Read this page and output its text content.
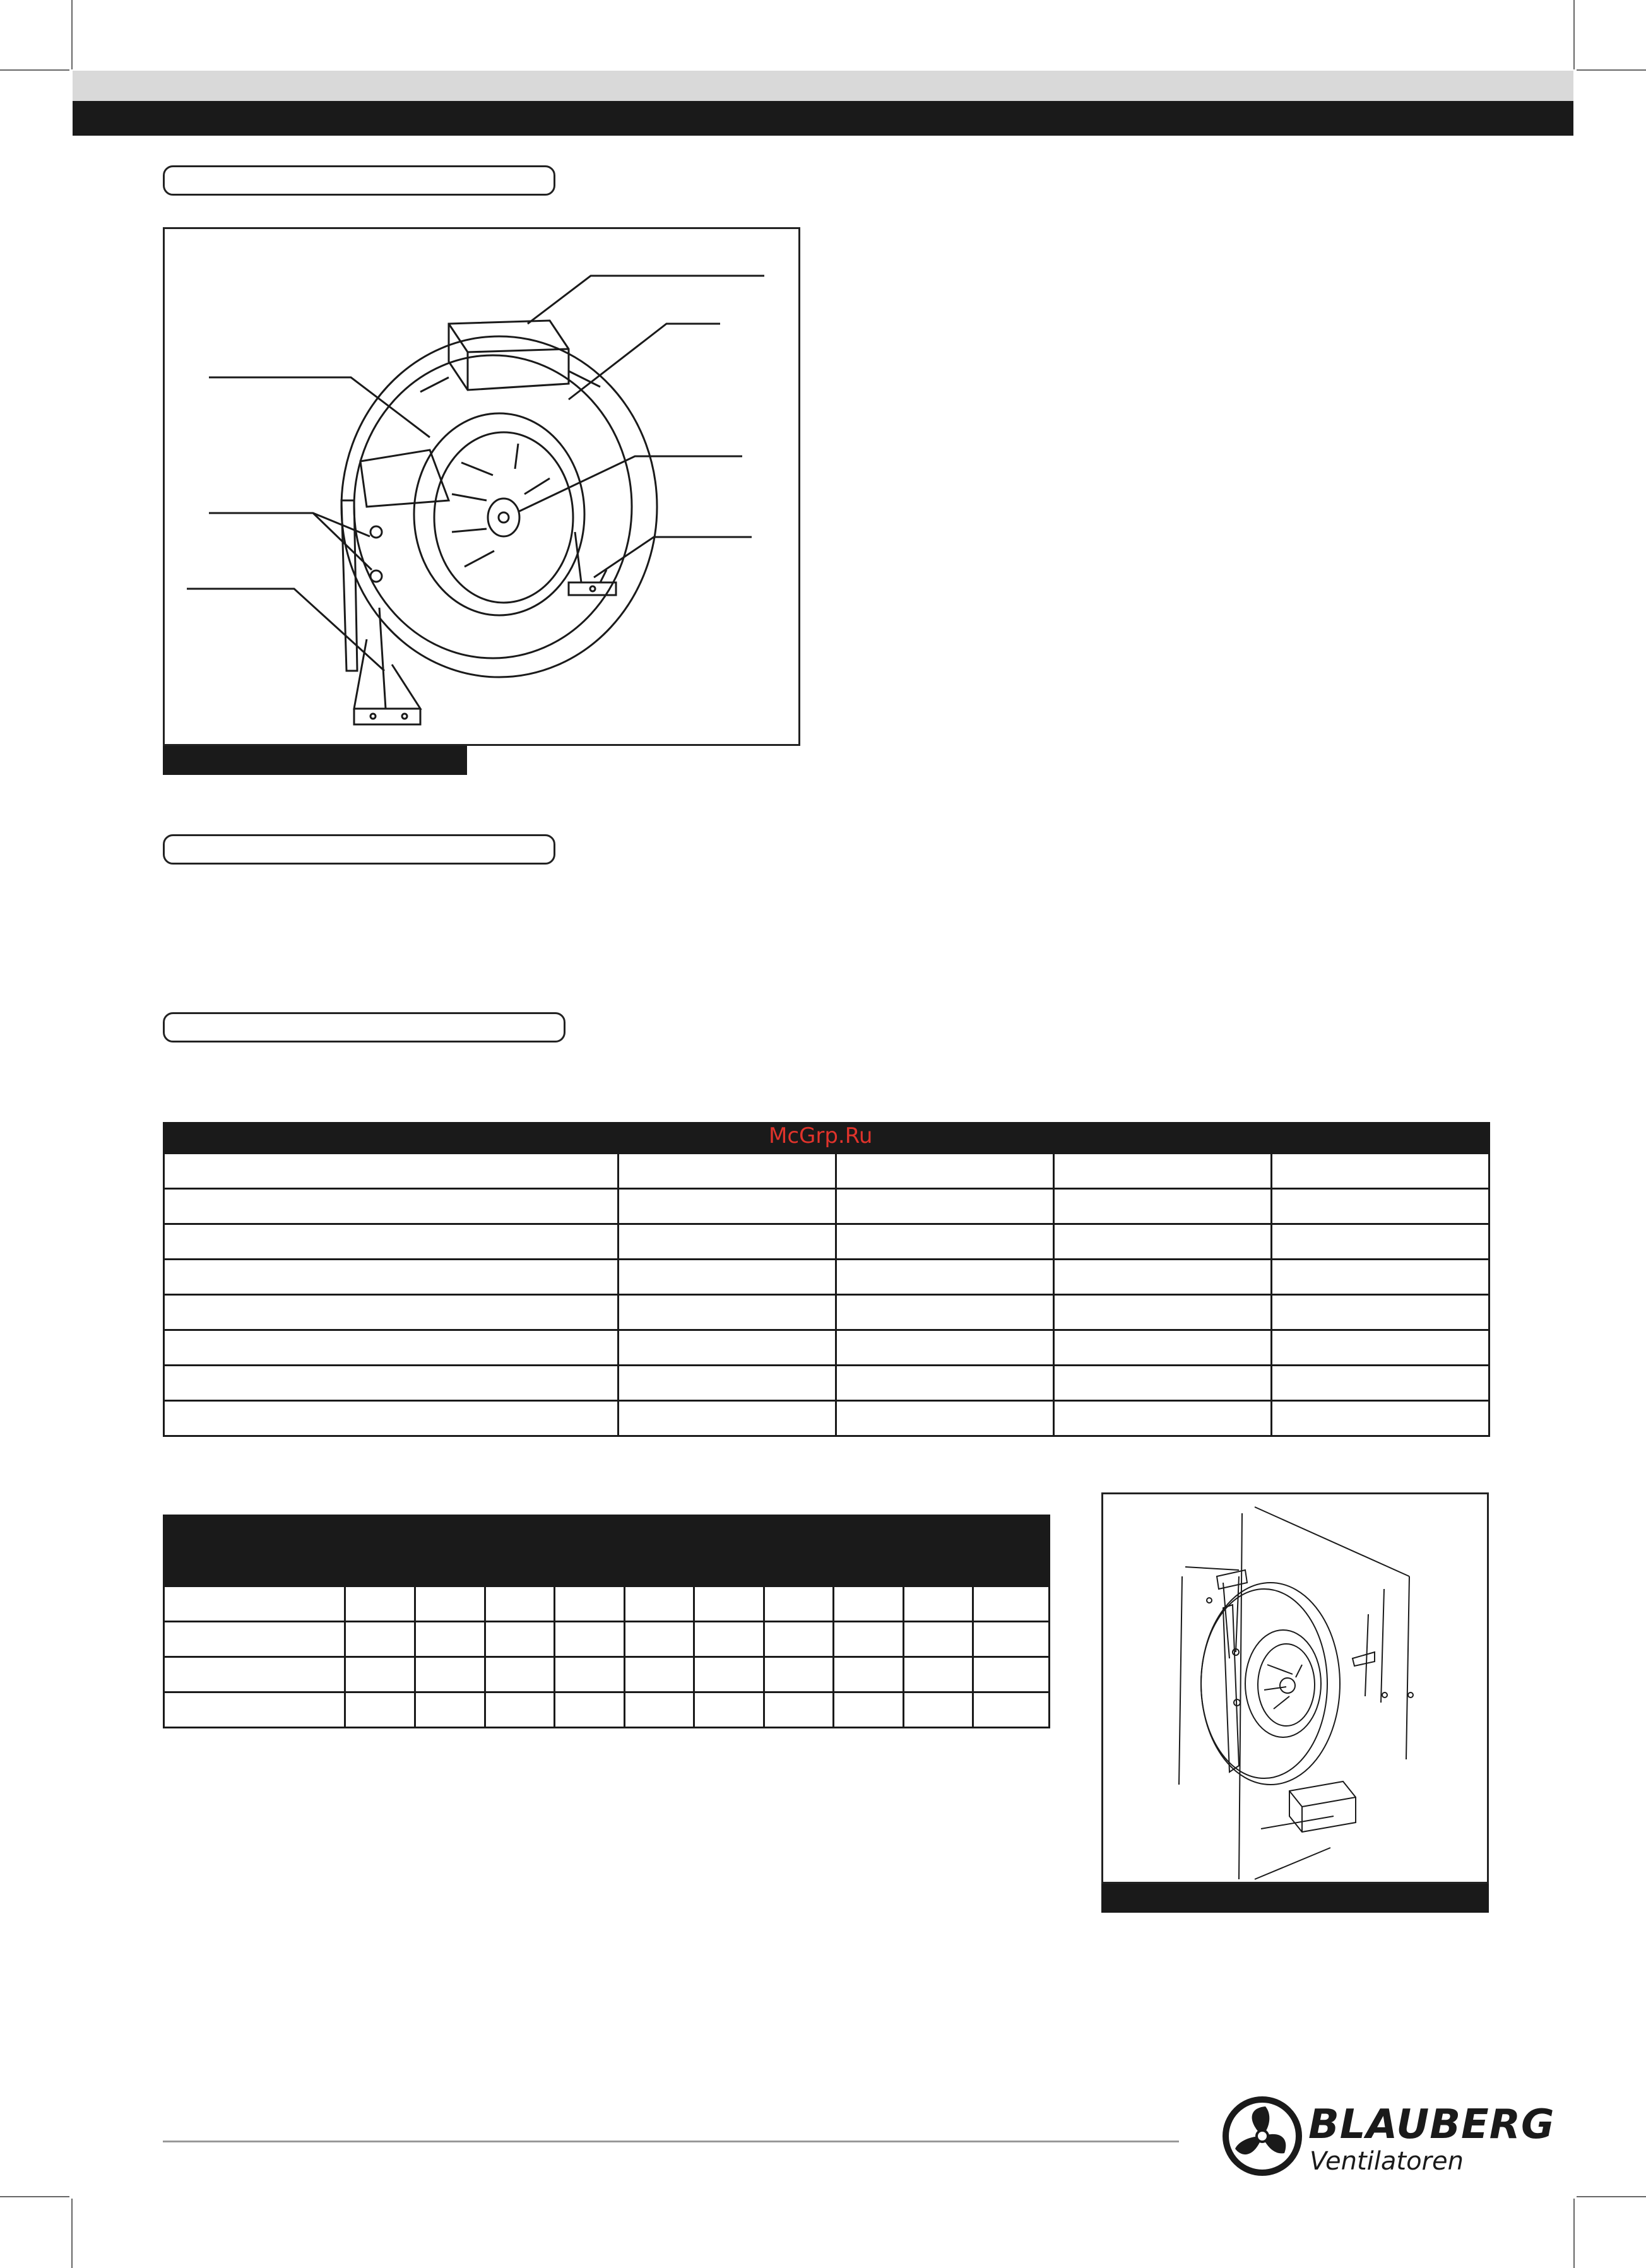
McGrp.Ru

BLAUBERG
Ventilatoren
